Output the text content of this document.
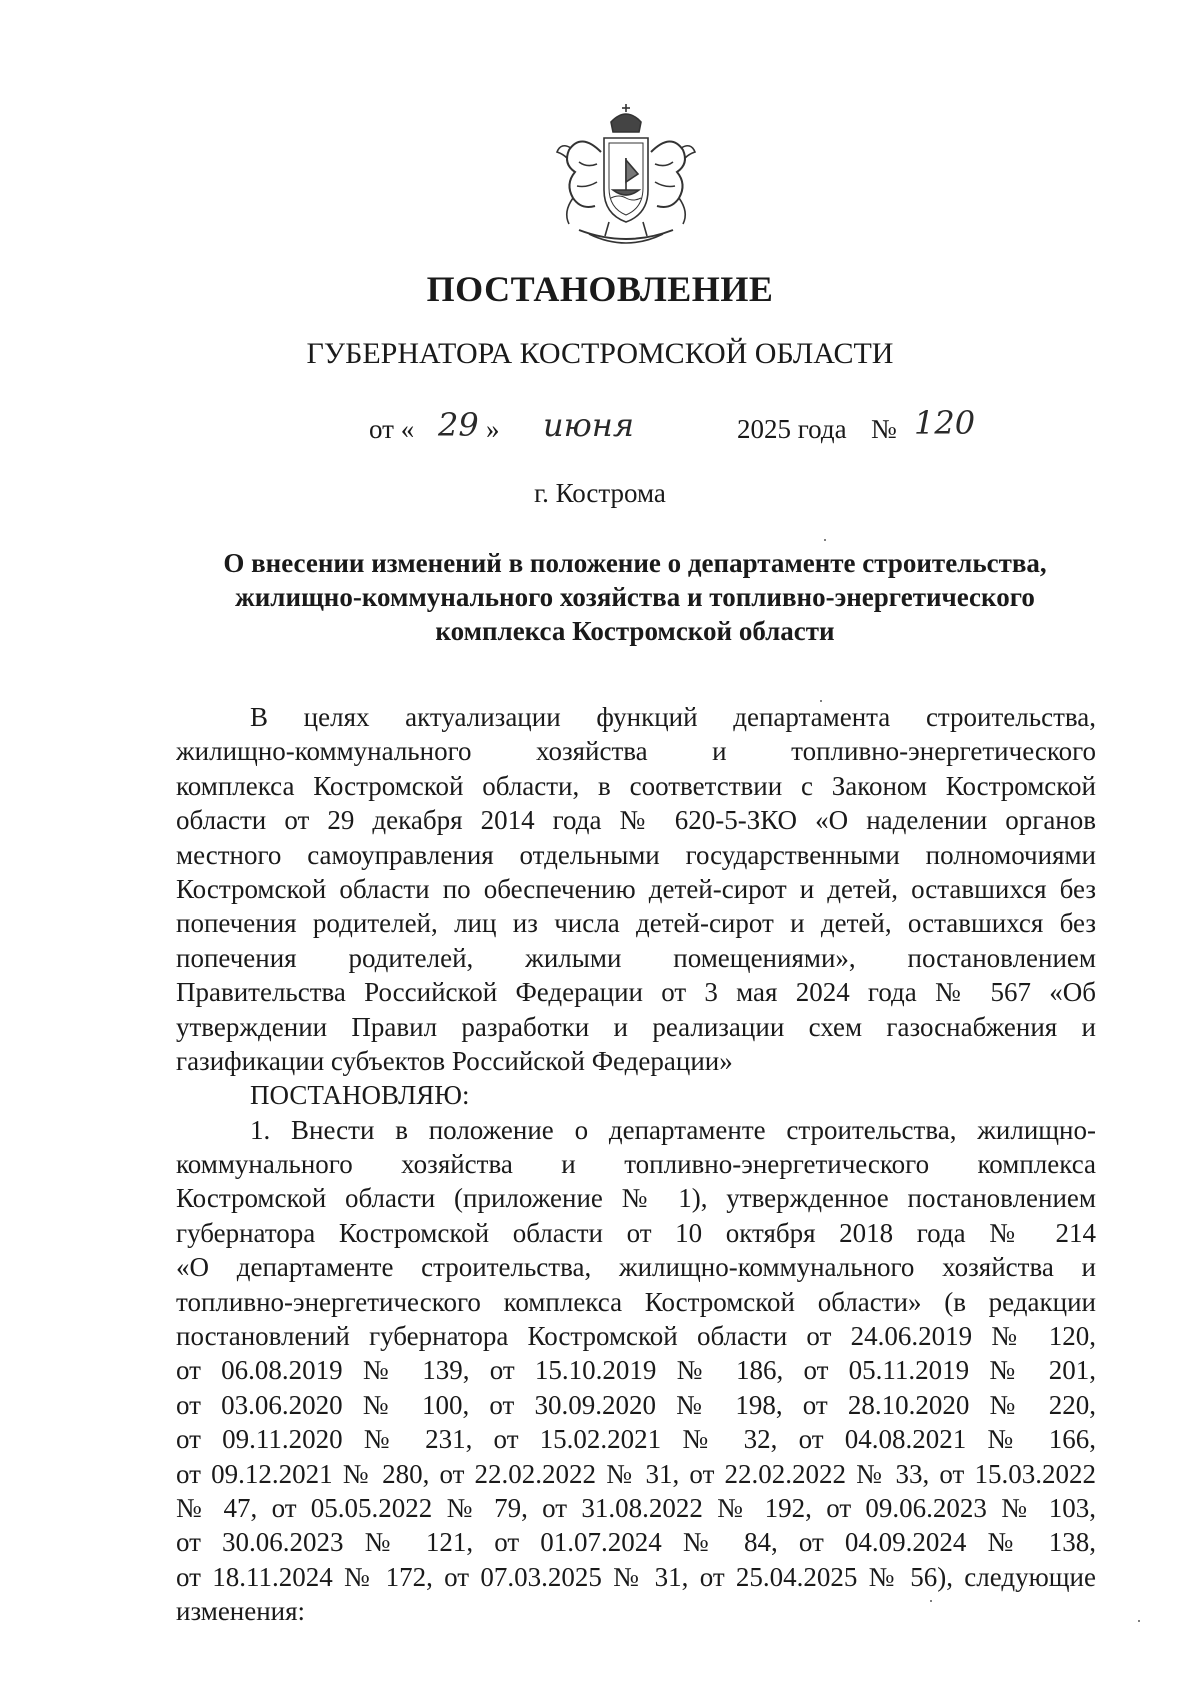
ПОСТАНОВЛЕНИЕ
ГУБЕРНАТОРА КОСТРОМСКОЙ ОБЛАСТИ
от « 29 » июня	2025 года № 120
г. Кострома
О внесении изменений в положение о департаменте строительства,
жилищно-коммунального хозяйства и топливно-энергетического
комплекса Костромской области
В целях актуализации функций департамента строительства,
жилищно-коммунального хозяйства и топливно-энергетического
комплекса Костромской области, в соответствии с Законом Костромской
области от 29 декабря 2014 года № 620-5-ЗКО «О наделении органов
местного самоуправления отдельными государственными полномочиями
Костромской области по обеспечению детей-сирот и детей, оставшихся без
попечения родителей, лиц из числа детей-сирот и детей, оставшихся без
попечения родителей, жилыми помещениями», постановлением
Правительства Российской Федерации от 3 мая 2024 года № 567 «Об
утверждении Правил разработки и реализации схем газоснабжения и
газификации субъектов Российской Федерации»
ПОСТАНОВЛЯЮ:
1. Внести в положение о департаменте строительства, жилищно-
коммунального хозяйства и топливно-энергетического комплекса
Костромской области (приложение № 1), утвержденное постановлением
губернатора Костромской области от 10 октября 2018 года № 214
«О департаменте строительства, жилищно-коммунального хозяйства и
топливно-энергетического комплекса Костромской области» (в редакции
постановлений губернатора Костромской области от 24.06.2019 № 120,
от 06.08.2019 № 139, от 15.10.2019 № 186, от 05.11.2019 № 201,
от 03.06.2020 № 100, от 30.09.2020 № 198, от 28.10.2020 № 220,
от 09.11.2020 № 231, от 15.02.2021 № 32, от 04.08.2021 № 166,
от 09.12.2021 № 280, от 22.02.2022 № 31, от 22.02.2022 № 33, от 15.03.2022
№ 47, от 05.05.2022 № 79, от 31.08.2022 № 192, от 09.06.2023 № 103,
от 30.06.2023 № 121, от 01.07.2024 № 84, от 04.09.2024 № 138,
от 18.11.2024 № 172, от 07.03.2025 № 31, от 25.04.2025 № 56), следующие
изменения:
